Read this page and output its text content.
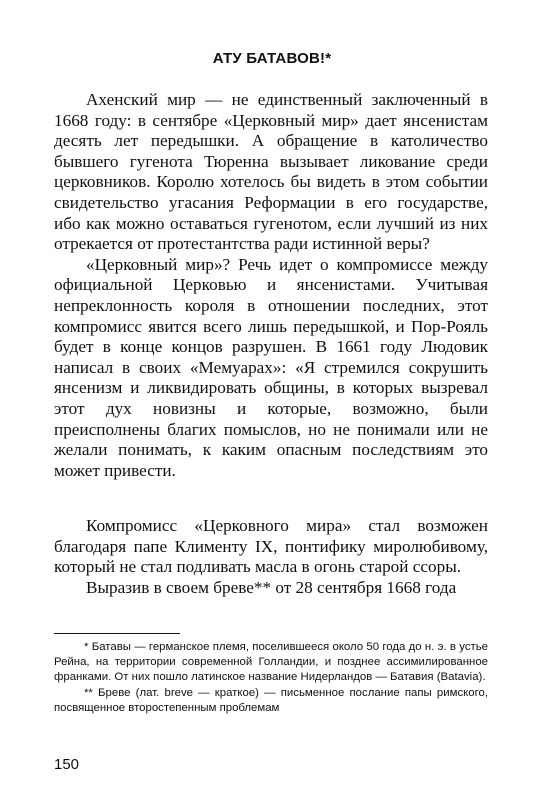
АТУ БАТАВОВ!*

Ахенский мир — не единственный заключенный в 1668 году: в сентябре «Церковный мир» дает янсенистам десять лет передышки. А обращение в католичество бывшего гугенота Тюренна вызывает ликование среди церковников. Королю хотелось бы видеть в этом событии свидетельство угасания Реформации в его государстве, ибо как можно оставаться гугенотом, если лучший из них отрекается от протестантства ради истинной веры?

«Церковный мир»? Речь идет о компромиссе между официальной Церковью и янсенистами. Учитывая непреклонность короля в отношении последних, этот компромисс явится всего лишь передышкой, и Пор-Рояль будет в конце концов разрушен. В 1661 году Людовик написал в своих «Мемуарах»: «Я стремился сокрушить янсенизм и ликвидировать общины, в которых вызревал этот дух новизны и которые, возможно, были преисполнены благих помыслов, но не понимали или не желали понимать, к каким опасным последствиям это может привести.

Компромисс «Церковного мира» стал возможен благодаря папе Клименту IX, понтифику миролюбивому, который не стал подливать масла в огонь старой ссоры.

Выразив в своем бреве** от 28 сентября 1668 года

* Батавы — германское племя, поселившееся около 50 года до н. э. в устье Рейна, на территории современной Голландии, и позднее ассимилированное франками. От них пошло латинское название Нидерландов — Батавия (Batavia).

** Бреве (лат. breve — краткое) — письменное послание папы римского, посвященное второстепенным проблемам

150
